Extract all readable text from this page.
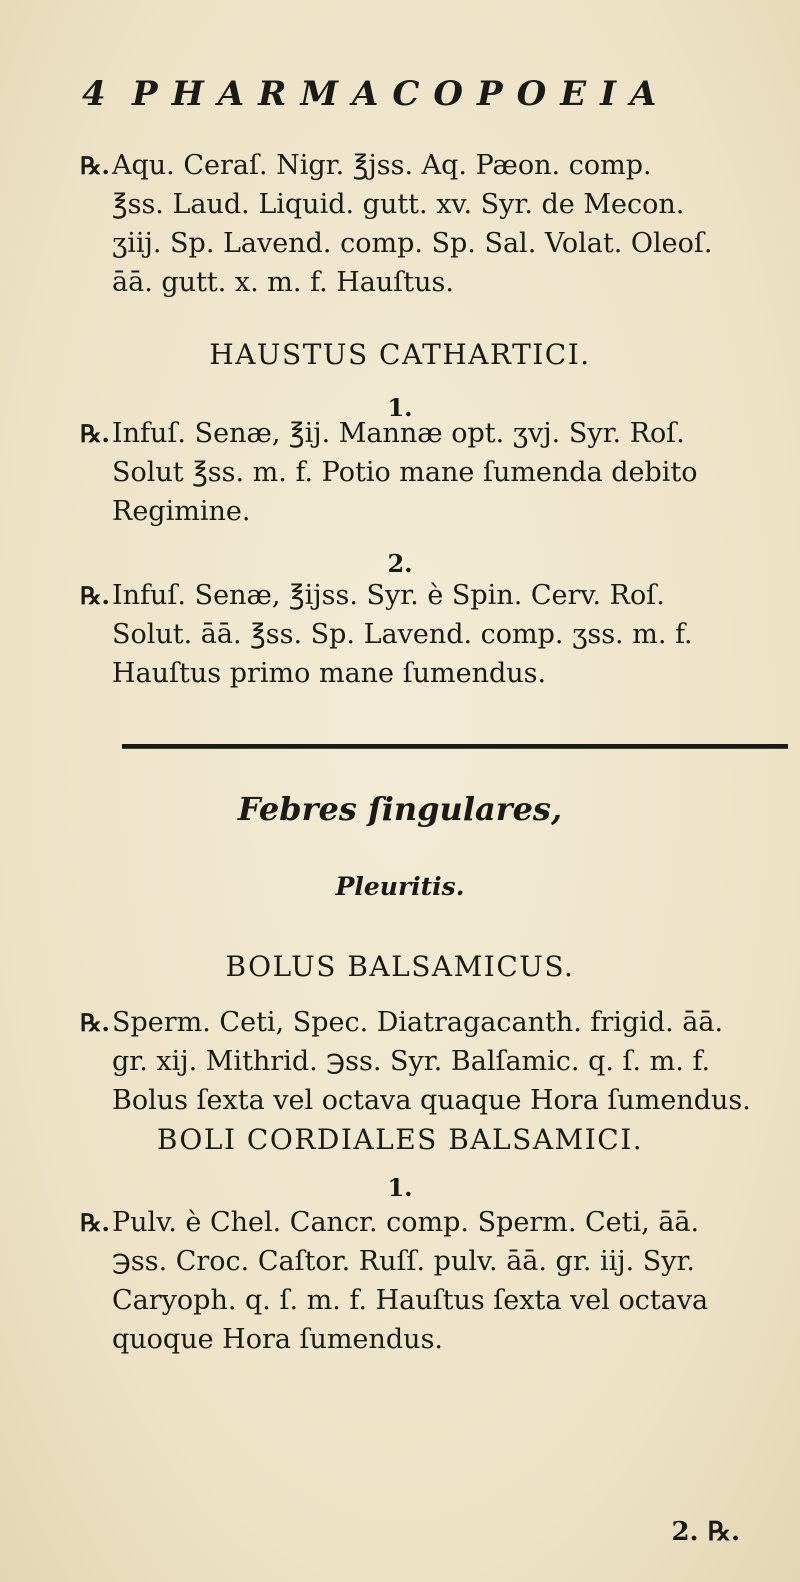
4 PHARMACOPOEIA
℞. Aqu. Ceraſ. Nigr. ℥jss. Aq. Pæon. comp.
℥ss. Laud. Liquid. gutt. xv. Syr. de Mecon.
ʒiij. Sp. Lavend. comp. Sp. Sal. Volat. Oleoſ.
āā. gutt. x. m. f. Hauſtus.
HAUSTUS CATHARTICI.
1.
℞. Infuſ. Senæ, ℥ij. Mannæ opt. ʒvj. Syr. Roſ.
Solut ℥ss. m. f. Potio mane ſumenda debito
Regimine.
2.
℞. Infuſ. Senæ, ℥ijss. Syr. è Spin. Cerv. Roſ.
Solut. āā. ℥ss. Sp. Lavend. comp. ʒss. m. f.
Hauſtus primo mane ſumendus.
Febres ſingulares,
Pleuritis.
BOLUS BALSAMICUS.
℞. Sperm. Ceti, Spec. Diatragacanth. frigid. āā.
gr. xij. Mithrid. ℈ss. Syr. Balſamic. q. ſ. m. f.
Bolus ſexta vel octava quaque Hora ſumendus.
BOLI CORDIALES BALSAMICI.
1.
℞. Pulv. è Chel. Cancr. comp. Sperm. Ceti, āā.
℈ss. Croc. Caſtor. Ruſſ. pulv. āā. gr. iij. Syr.
Caryoph. q. ſ. m. f. Hauſtus ſexta vel octava
quoque Hora ſumendus.
2. ℞.
